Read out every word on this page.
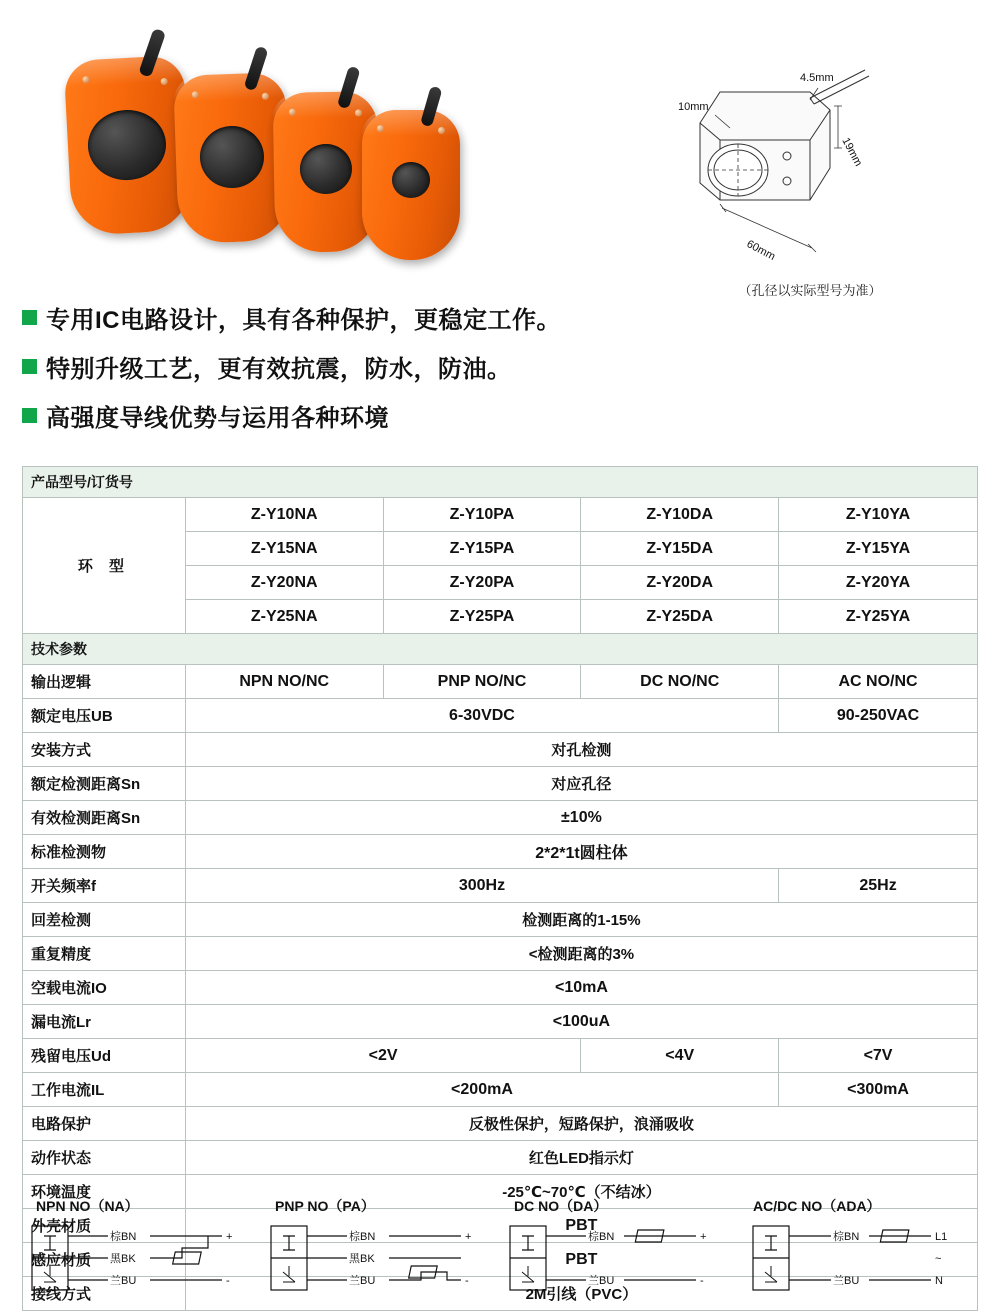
4.5mm
10mm
19mm
60mm
（孔径以实际型号为准）
专用IC电路设计，具有各种保护，更稳定工作。
特别升级工艺，更有效抗震，防水，防油。
高强度导线优势与运用各种环境
产品型号/订货号				
环 型	Z-Y10NA	Z-Y10PA	Z-Y10DA	Z-Y10YA
	Z-Y15NA	Z-Y15PA	Z-Y15DA	Z-Y15YA
	Z-Y20NA	Z-Y20PA	Z-Y20DA	Z-Y20YA
	Z-Y25NA	Z-Y25PA	Z-Y25DA	Z-Y25YA
技术参数				
输出逻辑	NPN NO/NC	PNP NO/NC	DC NO/NC	AC NO/NC
额定电压UB	6-30VDC			90-250VAC
安装方式	对孔检测			
额定检测距离Sn	对应孔径			
有效检测距离Sn	±10%			
标准检测物	2*2*1t圆柱体			
开关频率f	300Hz			25Hz
回差检测	检测距离的1-15%			
重复精度	<检测距离的3%			
空载电流IO	<10mA			
漏电流Lr	<100uA			
残留电压Ud	<2V		<4V	<7V
工作电流IL	<200mA			<300mA
电路保护	反极性保护，短路保护，浪涌吸收			
动作状态	红色LED指示灯			
环境温度	-25℃~70℃（不结冰）			
外壳材质	PBT			
感应材质	PBT			
接线方式	2M引线（PVC）			
NPN NO（NA）
棕BN
黑BK
兰BU
+
-
PNP NO（PA）
棕BN
黑BK
兰BU
+
-
DC NO（DA）
棕BN
兰BU
+
-
AC/DC NO（ADA）
棕BN
兰BU
L1
~
N
